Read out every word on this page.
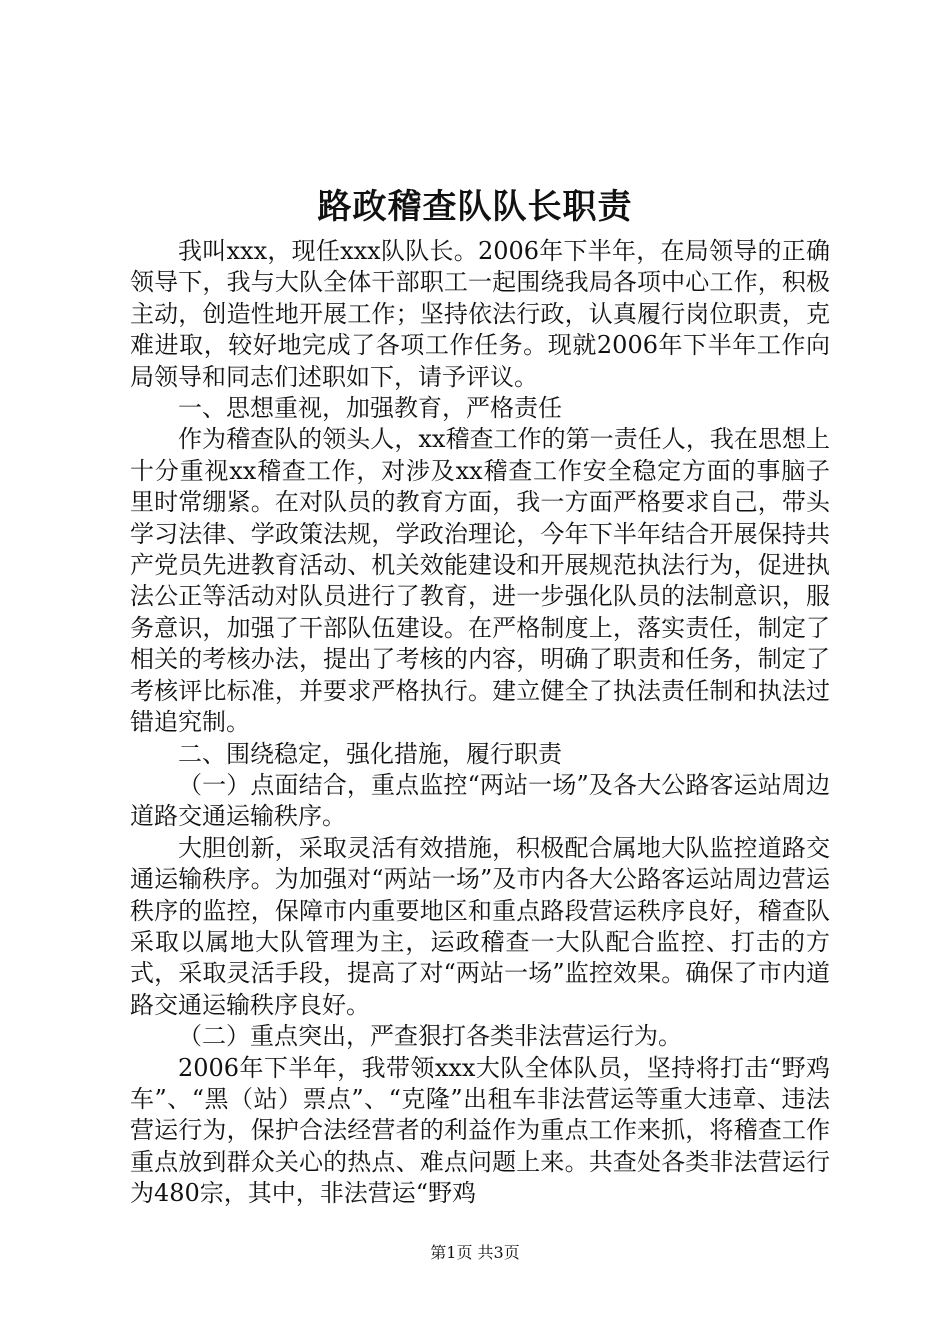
路政稽查队队长职责

我叫xxx，现任xxx队队长。2006年下半年，在局领导的正确领导下，我与大队全体干部职工一起围绕我局各项中心工作，积极主动，创造性地开展工作；坚持依法行政，认真履行岗位职责，克难进取，较好地完成了各项工作任务。现就2006年下半年工作向局领导和同志们述职如下，请予评议。

一、思想重视，加强教育，严格责任

作为稽查队的领头人，xx稽查工作的第一责任人，我在思想上十分重视xx稽查工作，对涉及xx稽查工作安全稳定方面的事脑子里时常绷紧。在对队员的教育方面，我一方面严格要求自己，带头学习法律、学政策法规，学政治理论，今年下半年结合开展保持共产党员先进教育活动、机关效能建设和开展规范执法行为，促进执法公正等活动对队员进行了教育，进一步强化队员的法制意识，服务意识，加强了干部队伍建设。在严格制度上，落实责任，制定了相关的考核办法，提出了考核的内容，明确了职责和任务，制定了考核评比标准，并要求严格执行。建立健全了执法责任制和执法过错追究制。

二、围绕稳定，强化措施，履行职责

（一）点面结合，重点监控“两站一场”及各大公路客运站周边道路交通运输秩序。

大胆创新，采取灵活有效措施，积极配合属地大队监控道路交通运输秩序。为加强对“两站一场”及市内各大公路客运站周边营运秩序的监控，保障市内重要地区和重点路段营运秩序良好，稽查队采取以属地大队管理为主，运政稽查一大队配合监控、打击的方式，采取灵活手段，提高了对“两站一场”监控效果。确保了市内道路交通运输秩序良好。

（二）重点突出，严查狠打各类非法营运行为。

2006年下半年，我带领xxx大队全体队员，坚持将打击“野鸡车”、“黑（站）票点”、“克隆”出租车非法营运等重大违章、违法营运行为，保护合法经营者的利益作为重点工作来抓，将稽查工作重点放到群众关心的热点、难点问题上来。共查处各类非法营运行为480宗，其中，非法营运“野鸡

第1页 共3页
